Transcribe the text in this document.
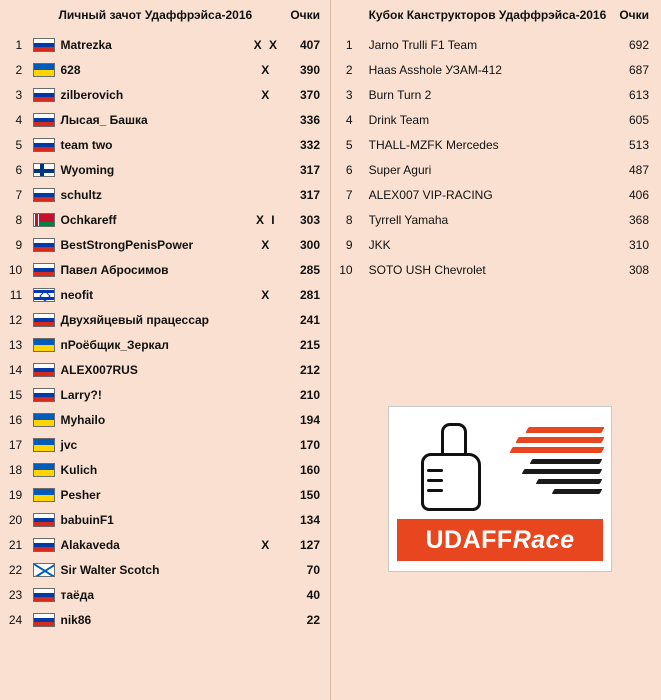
		Личный зачот Удаффрэйса-2016		Очки
1		Matrezka	X X	407
2		628	X	390
3		zilberovich	X	370
4		Лысая_ Башка		336
5		team two		332
6		Wyoming		317
7		schultz		317
8		Ochkareff	X I	303
9		BestStrongPenisPower	X	300
10		Павел Абросимов		285
11		neofit	X	281
12		Двухяйцевый працессар		241
13		пРоёбщик_Зеркал		215
14		ALEX007RUS		212
15		Larry?!		210
16		Myhailo		194
17		jvc		170
18		Kulich		160
19		Pesher		150
20		babuinF1		134
21		Alakaveda	X	127
22		Sir Walter Scotch		70
23		таёда		40
24		nik86		22
	Кубок Канструкторов Удаффрэйса-2016	Очки
1	Jarno Trulli F1 Team	692
2	Haas Asshole УЗАМ-412	687
3	Burn Turn 2	613
4	Drink Team	605
5	THALL-MZFK Mercedes	513
6	Super Aguri	487
7	ALEX007 VIP-RACING	406
8	Tyrrell Yamaha	368
9	JKK	310
10	SOTO USH Chevrolet	308
UDAFF Race
